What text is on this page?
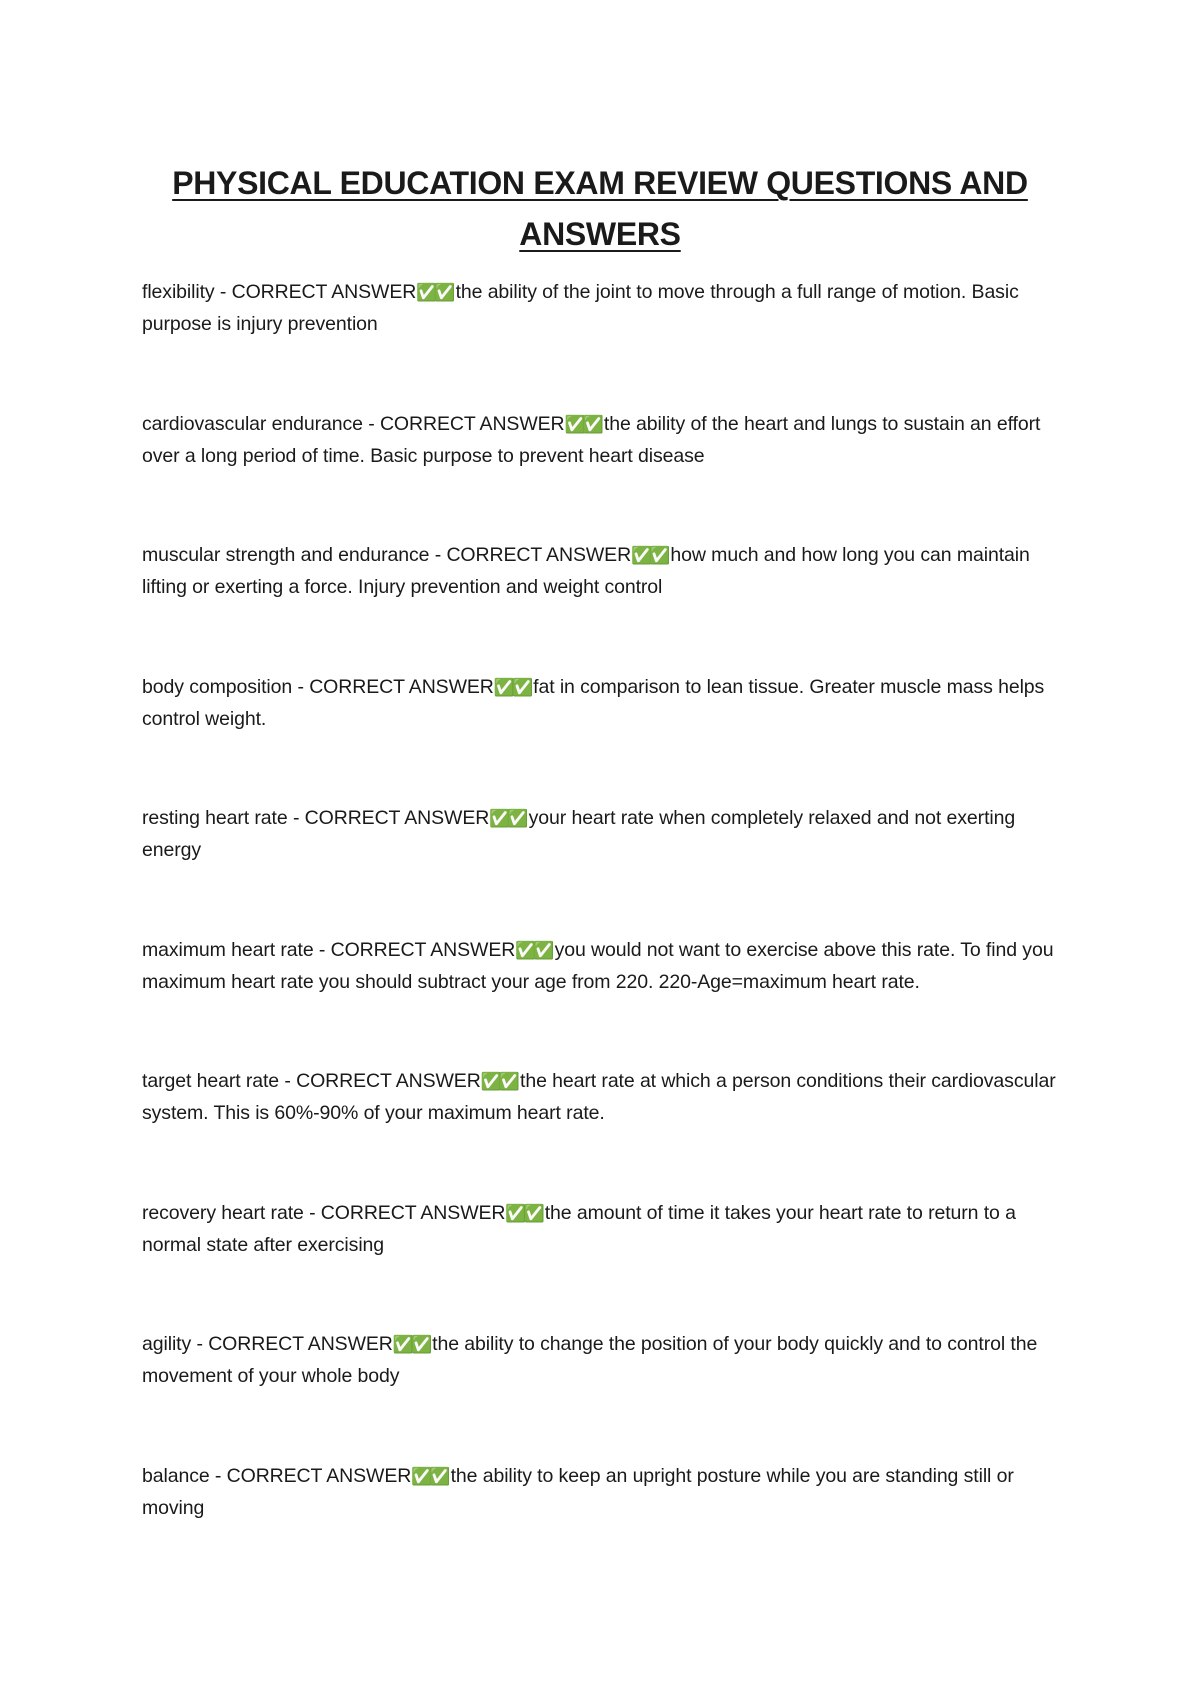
PHYSICAL EDUCATION EXAM REVIEW QUESTIONS AND
ANSWERS
flexibility - CORRECT ANSWER✅✅ the ability of the joint to move through a full range of motion. Basic purpose is injury prevention
cardiovascular endurance - CORRECT ANSWER✅✅ the ability of the heart and lungs to sustain an effort over a long period of time. Basic purpose to prevent heart disease
muscular strength and endurance - CORRECT ANSWER✅✅ how much and how long you can maintain lifting or exerting a force. Injury prevention and weight control
body composition - CORRECT ANSWER✅✅ fat in comparison to lean tissue. Greater muscle mass helps control weight.
resting heart rate - CORRECT ANSWER✅✅ your heart rate when completely relaxed and not exerting energy
maximum heart rate - CORRECT ANSWER✅✅ you would not want to exercise above this rate. To find you maximum heart rate you should subtract your age from 220. 220-Age=maximum heart rate.
target heart rate - CORRECT ANSWER✅✅ the heart rate at which a person conditions their cardiovascular system. This is 60%-90% of your maximum heart rate.
recovery heart rate - CORRECT ANSWER✅✅ the amount of time it takes your heart rate to return to a normal state after exercising
agility - CORRECT ANSWER✅✅ the ability to change the position of your body quickly and to control the movement of your whole body
balance - CORRECT ANSWER✅✅ the ability to keep an upright posture while you are standing still or moving
